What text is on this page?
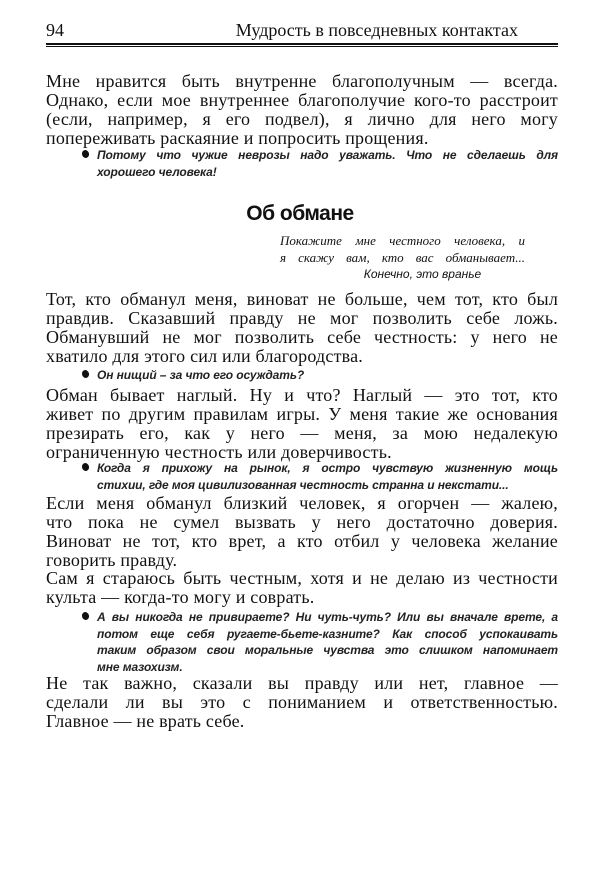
94	Мудрость в повседневных контактах
Мне нравится быть внутренне благополучным — всегда.
Однако, если мое внутреннее благополучие кого-то расстроит
(если, например, я его подвел), я лично для него могу
попереживать раскаяние и попросить прощения.
Потому что чужие неврозы надо уважать. Что не сделаешь для
хорошего человека!
Об обмане
Покажите мне честного человека, и
я скажу вам, кто вас обманывает...
Конечно, это вранье
Тот, кто обманул меня, виноват не больше, чем тот, кто был
правдив. Сказавший правду не мог позволить себе ложь.
Обманувший не мог позволить себе честность: у него не
хватило для этого сил или благородства.
Он нищий – за что его осуждать?
Обман бывает наглый. Ну и что? Наглый — это тот, кто
живет по другим правилам игры. У меня такие же основания
презирать его, как у него — меня, за мою недалекую
ограниченную честность или доверчивость.
Когда я прихожу на рынок, я остро чувствую жизненную мощь
стихии, где моя цивилизованная честность странна и некстати...
Если меня обманул близкий человек, я огорчен — жалею,
что пока не сумел вызвать у него достаточно доверия.
Виноват не тот, кто врет, а кто отбил у человека желание
говорить правду.
Сам я стараюсь быть честным, хотя и не делаю из честности
культа — когда-то могу и соврать.
А вы никогда не привираете? Ни чуть-чуть? Или вы вначале врете, а
потом еще себя ругаете-бьете-казните? Как способ успокаивать
таким образом свои моральные чувства это слишком напоминает
мне мазохизм.
Не так важно, сказали вы правду или нет, главное —
сделали ли вы это с пониманием и ответственностью.
Главное — не врать себе.
